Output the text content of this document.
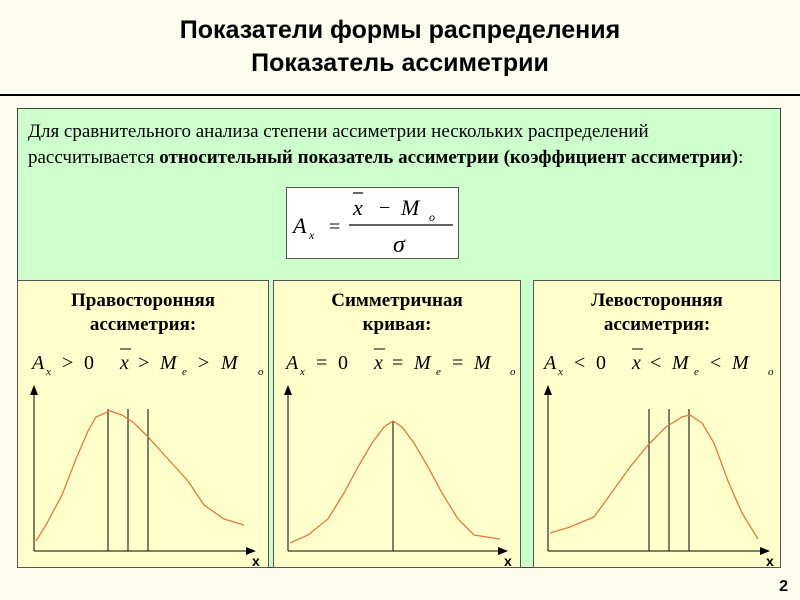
Показатели формы распределения
Показатель ассиметрии
Для сравнительного анализа степени ассиметрии нескольких распределений рассчитывается относительный показатель ассиметрии (коэффициент ассиметрии):
A x =
x − M o
σ
Правосторонняя
ассиметрия:
A x > 0 x > M e > M o
x
Симметричная
кривая:
A x = 0 x = M e = M o
x
Левосторонняя
ассиметрия:
A x < 0 x < M e < M o
x
2
